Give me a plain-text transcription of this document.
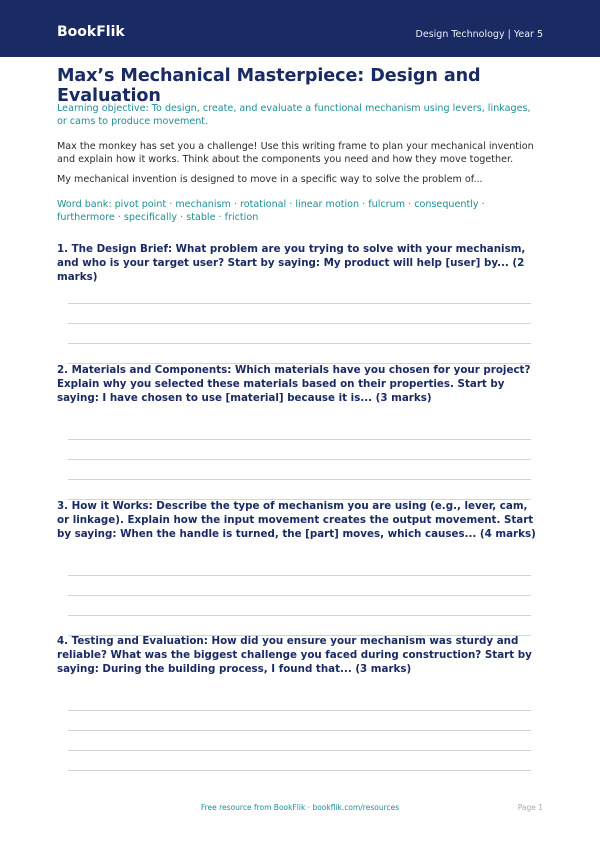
BookFlik	Design Technology | Year 5
Max’s Mechanical Masterpiece: Design and Evaluation
Learning objective: To design, create, and evaluate a functional mechanism using levers, linkages, or cams to produce movement.
Max the monkey has set you a challenge! Use this writing frame to plan your mechanical invention and explain how it works. Think about the components you need and how they move together.
My mechanical invention is designed to move in a specific way to solve the problem of...
Word bank: pivot point · mechanism · rotational · linear motion · fulcrum · consequently · furthermore · specifically · stable · friction
1. The Design Brief: What problem are you trying to solve with your mechanism, and who is your target user? Start by saying: My product will help [user] by... (2 marks)
2. Materials and Components: Which materials have you chosen for your project? Explain why you selected these materials based on their properties. Start by saying: I have chosen to use [material] because it is... (3 marks)
3. How it Works: Describe the type of mechanism you are using (e.g., lever, cam, or linkage). Explain how the input movement creates the output movement. Start by saying: When the handle is turned, the [part] moves, which causes... (4 marks)
4. Testing and Evaluation: How did you ensure your mechanism was sturdy and reliable? What was the biggest challenge you faced during construction? Start by saying: During the building process, I found that... (3 marks)
Free resource from BookFlik · bookflik.com/resources	Page 1
